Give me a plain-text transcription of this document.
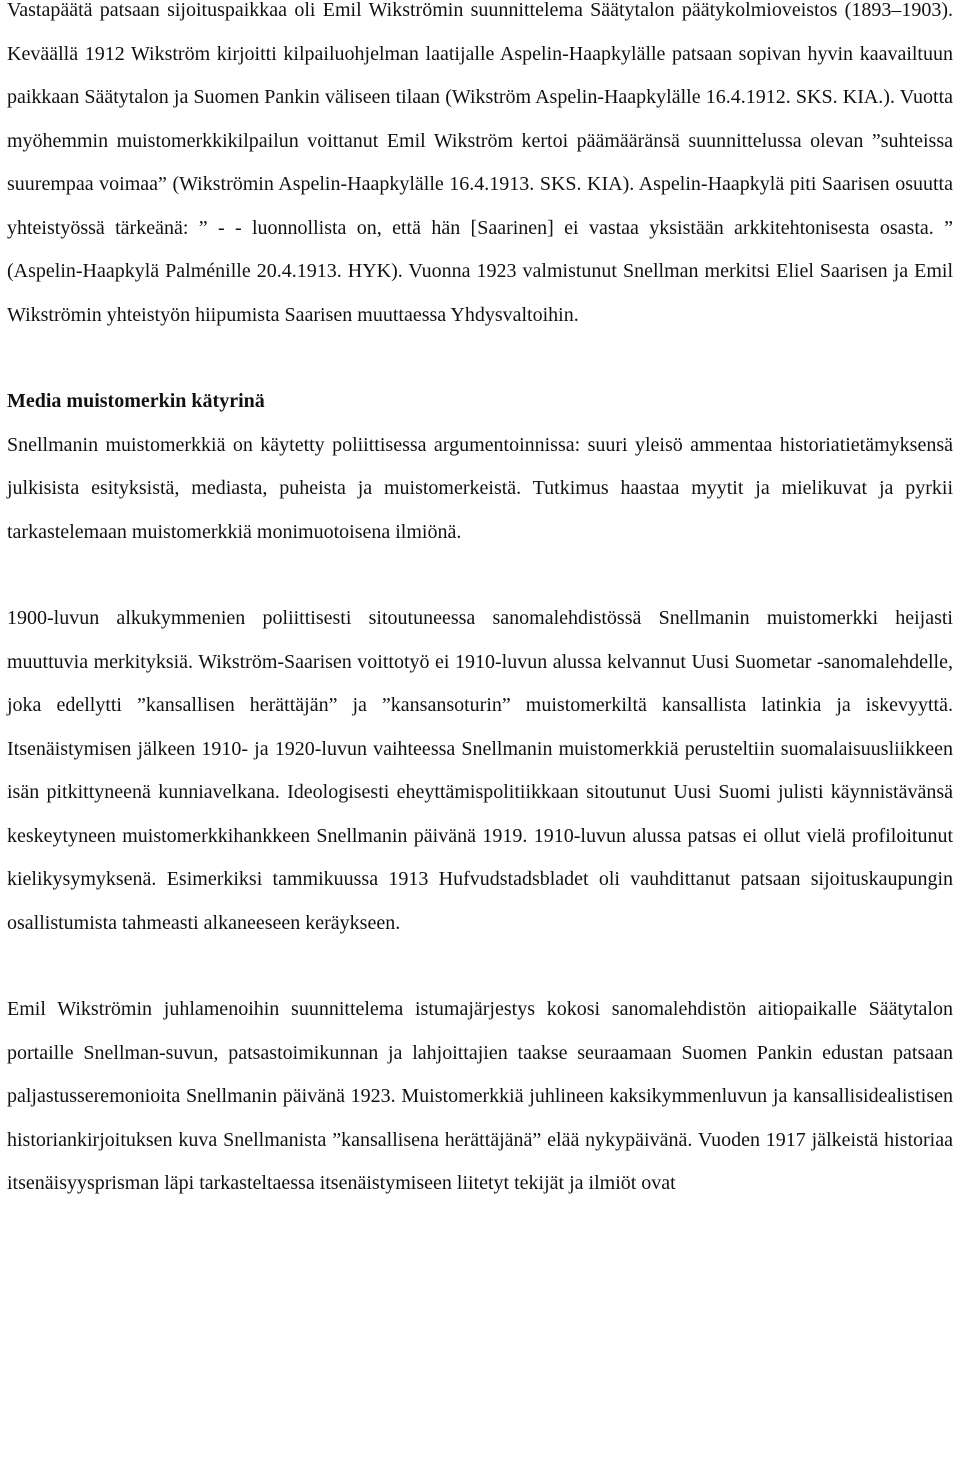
Vastapäätä patsaan sijoituspaikkaa oli Emil Wikströmin suunnittelema Säätytalon päätykolmioveistos (1893–1903). Keväällä 1912 Wikström kirjoitti kilpailuohjelman laatijalle Aspelin-Haapkylälle patsaan sopivan hyvin kaavailtuun paikkaan Säätytalon ja Suomen Pankin väliseen tilaan (Wikström Aspelin-Haapkylälle 16.4.1912. SKS. KIA.). Vuotta myöhemmin muistomerkkikilpailun voittanut Emil Wikström kertoi päämääränsä suunnittelussa olevan ”suhteissa suurempaa voimaa” (Wikströmin Aspelin-Haapkylälle 16.4.1913. SKS. KIA). Aspelin-Haapkylä piti Saarisen osuutta yhteistyössä tärkeänä: ” - - luonnollista on, että hän [Saarinen] ei vastaa yksistään arkkitehtonisesta osasta. ” (Aspelin-Haapkylä Palménille 20.4.1913. HYK). Vuonna 1923 valmistunut Snellman merkitsi Eliel Saarisen ja Emil Wikströmin yhteistyön hiipumista Saarisen muuttaessa Yhdysvaltoihin.

Media muistomerkin kätyrinä

Snellmanin muistomerkkiä on käytetty poliittisessa argumentoinnissa: suuri yleisö ammentaa historiatietämyksensä julkisista esityksistä, mediasta, puheista ja muistomerkeistä. Tutkimus haastaa myytit ja mielikuvat ja pyrkii tarkastelemaan muistomerkkiä monimuotoisena ilmiönä.

1900-luvun alkukymmenien poliittisesti sitoutuneessa sanomalehdistössä Snellmanin muistomerkki heijasti muuttuvia merkityksiä. Wikström-Saarisen voittotyö ei 1910-luvun alussa kelvannut Uusi Suometar -sanomalehdelle, joka edellytti ”kansallisen herättäjän” ja ”kansansoturin” muistomerkiltä kansallista latinkia ja iskevyyttä. Itsenäistymisen jälkeen 1910- ja 1920-luvun vaihteessa Snellmanin muistomerkkiä perusteltiin suomalaisuusliikkeen isän pitkittyneenä kunniavelkana. Ideologisesti eheyttämispolitiikkaan sitoutunut Uusi Suomi julisti käynnistävänsä keskeytyneen muistomerkkihankkeen Snellmanin päivänä 1919. 1910-luvun alussa patsas ei ollut vielä profiloitunut kielikysymyksenä. Esimerkiksi tammikuussa 1913 Hufvudstadsbladet oli vauhdittanut patsaan sijoituskaupungin osallistumista tahmeasti alkaneeseen keräykseen.

Emil Wikströmin juhlamenoihin suunnittelema istumajärjestys kokosi sanomalehdistön aitiopaikalle Säätytalon portaille Snellman-suvun, patsastoimikunnan ja lahjoittajien taakse seuraamaan Suomen Pankin edustan patsaan paljastusseremonioita Snellmanin päivänä 1923. Muistomerkkiä juhlineen kaksikymmenluvun ja kansallisidealistisen historiankirjoituksen kuva Snellmanista ”kansallisena herättäjänä” elää nykypäivänä. Vuoden 1917 jälkeistä historiaa itsenäisyysprisman läpi tarkasteltaessa itsenäistymiseen liitetyt tekijät ja ilmiöt ovat
